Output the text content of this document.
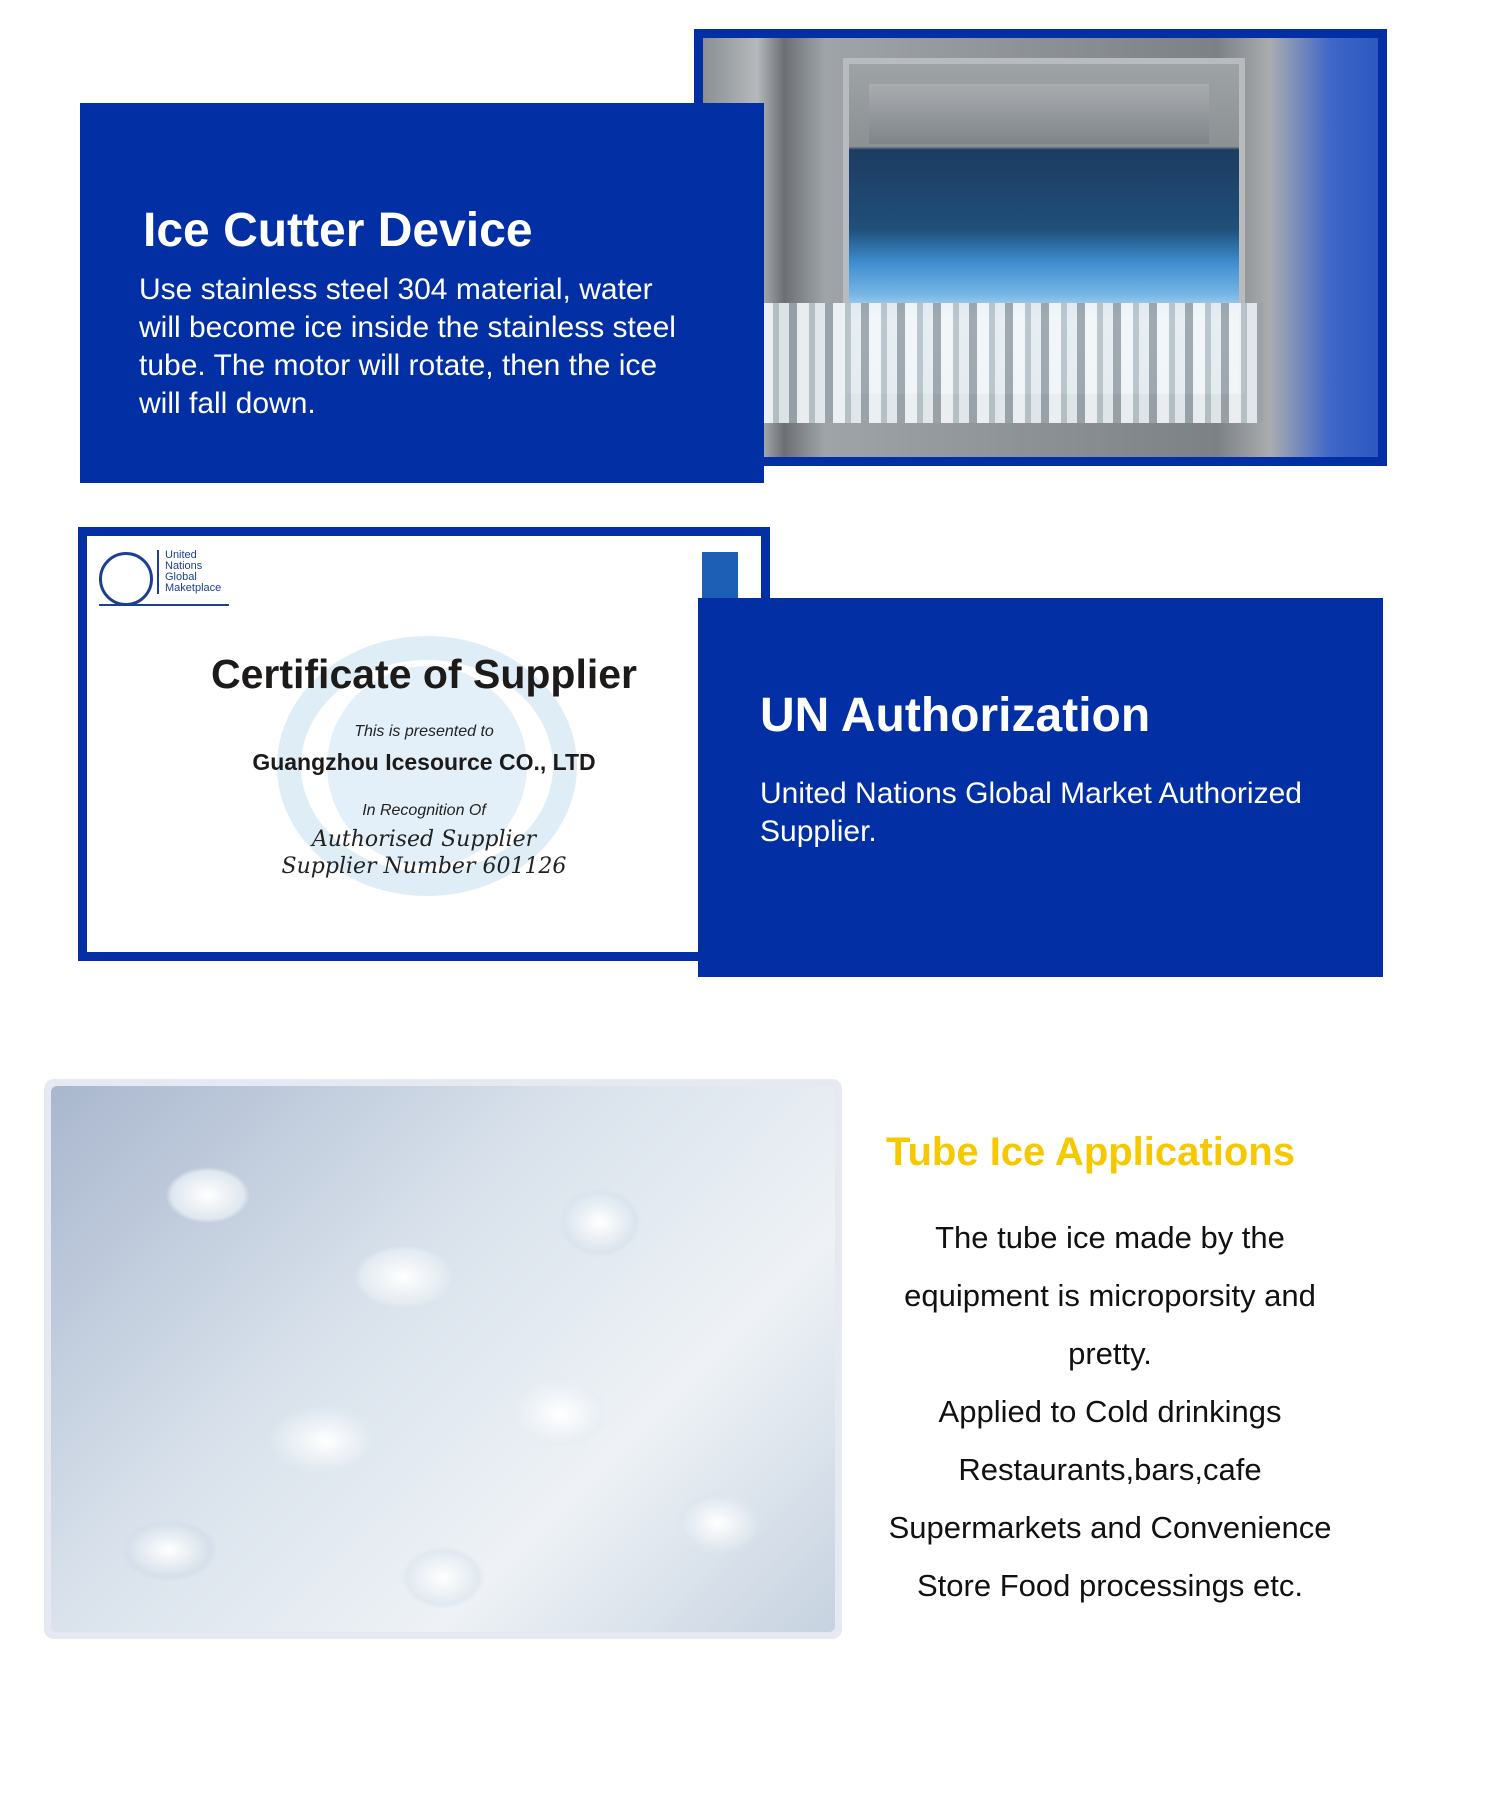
Ice Cutter Device
Use stainless steel 304 material, water will become ice inside the stainless steel tube. The motor will rotate, then the ice will fall down.
United
Nations
Global
Maketplace
Certificate of Supplier
This is presented to
Guangzhou Icesource CO., LTD
In Recognition Of
Authorised Supplier
Supplier Number 601126
UN Authorization
United Nations Global Market Authorized Supplier.
Tube Ice Applications
The tube ice made by the
equipment is microporsity and
pretty.
Applied to Cold drinkings
Restaurants,bars,cafe
Supermarkets and Convenience
Store Food processings etc.
